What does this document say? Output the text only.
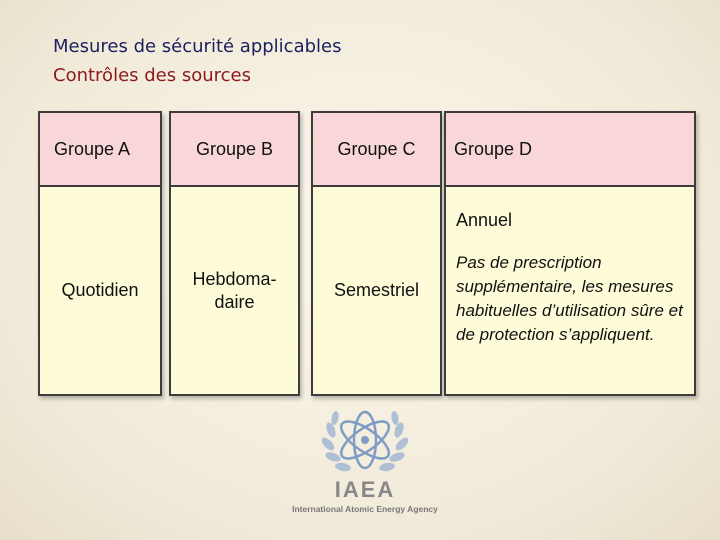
Mesures de sécurité applicables
Contrôles des sources
Groupe A
Quotidien
Groupe B
Hebdoma-
daire
Groupe C
Semestriel
Groupe D
Annuel
Pas de prescription supplémentaire, les mesures habituelles d’utilisation sûre et de protection s’appliquent.
IAEA
International Atomic Energy Agency
